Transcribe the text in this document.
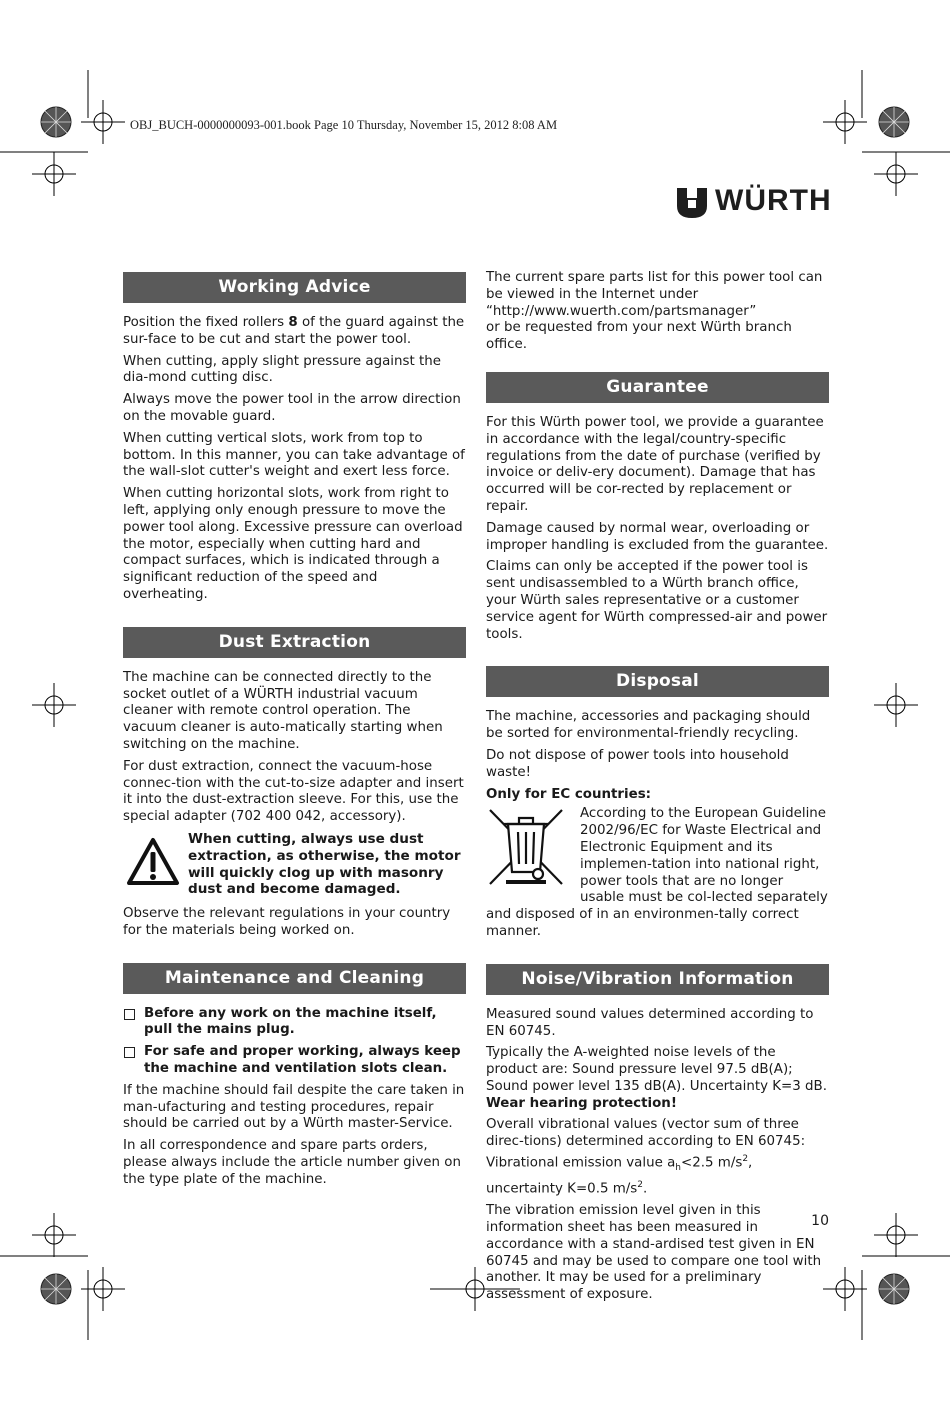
OBJ_BUCH-0000000093-001.book Page 10 Thursday, November 15, 2012 8:08 AM
WÜRTH
Working Advice

Position the fixed rollers 8 of the guard against the sur-face to be cut and start the power tool.

When cutting, apply slight pressure against the dia-mond cutting disc.

Always move the power tool in the arrow direction on the movable guard.

When cutting vertical slots, work from top to bottom. In this manner, you can take advantage of the wall-slot cutter's weight and exert less force.

When cutting horizontal slots, work from right to left, applying only enough pressure to move the power tool along. Excessive pressure can overload the motor, especially when cutting hard and compact surfaces, which is indicated through a significant reduction of the speed and overheating.

Dust Extraction

The machine can be connected directly to the socket outlet of a WÜRTH industrial vacuum cleaner with remote control operation. The vacuum cleaner is auto-matically starting when switching on the machine.

For dust extraction, connect the vacuum-hose connec-tion with the cut-to-size adapter and insert it into the dust-extraction sleeve. For this, use the special adapter (702 400 042, accessory).

When cutting, always use dust extraction, as otherwise, the motor will quickly clog up with masonry dust and become damaged.

Observe the relevant regulations in your country for the materials being worked on.

Maintenance and Cleaning
Before any work on the machine itself, pull the mains plug.
For safe and proper working, always keep the machine and ventilation slots clean.

If the machine should fail despite the care taken in man-ufacturing and testing procedures, repair should be carried out by a Würth master-Service.

In all correspondence and spare parts orders, please always include the article number given on the type plate of the machine.

The current spare parts list for this power tool can be viewed in the Internet under
“http://www.wuerth.com/partsmanager”
or be requested from your next Würth branch office.

Guarantee

For this Würth power tool, we provide a guarantee in accordance with the legal/country-specific regulations from the date of purchase (verified by invoice or deliv-ery document). Damage that has occurred will be cor-rected by replacement or repair.

Damage caused by normal wear, overloading or improper handling is excluded from the guarantee.

Claims can only be accepted if the power tool is sent undisassembled to a Würth branch office, your Würth sales representative or a customer service agent for Würth compressed-air and power tools.

Disposal

The machine, accessories and packaging should be sorted for environmental-friendly recycling.

Do not dispose of power tools into household waste!

Only for EC countries:

According to the European Guideline 2002/96/EC for Waste Electrical and Electronic Equipment and its implemen-tation into national right, power tools that are no longer usable must be col-lected separately and disposed of in an environmen-tally correct manner.
Noise/Vibration Information

Measured sound values determined according to EN 60745.

Typically the A-weighted noise levels of the product are: Sound pressure level 97.5 dB(A); Sound power level 135 dB(A). Uncertainty K=3 dB.
Wear hearing protection!

Overall vibrational values (vector sum of three direc-tions) determined according to EN 60745: Vibrational emission value $a_h<2.5$ $m/s^2$, uncertainty K=0.5 $m/s^2$.

The vibration emission level given in this information sheet has been measured in accordance with a stand-ardised test given in EN 60745 and may be used to compare one tool with another. It may be used for a preliminary assessment of exposure.

10
